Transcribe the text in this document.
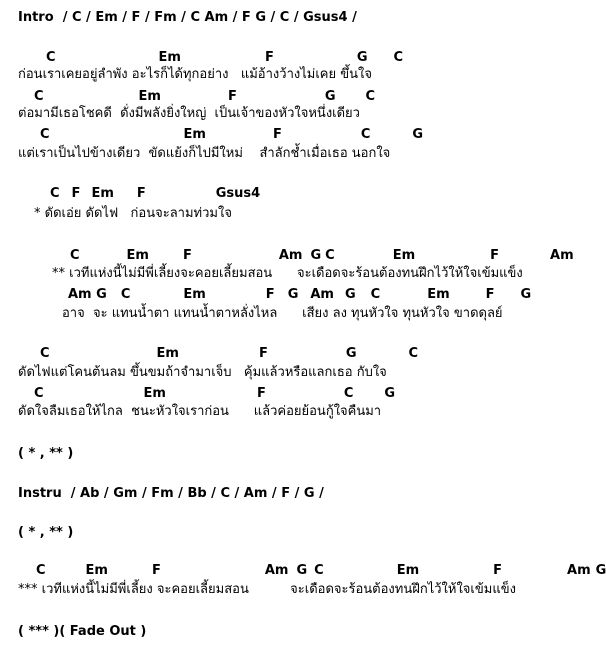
Intro  / C / Em / F / Fm / C Am / F G / C / Gsus4 /
C	Em	F	G C
ก่อนเราเคยอยู่ลำพัง อะไรก็ได้ทุกอย่าง   แม้อ้างว้างไม่เคย ขึ้นใจ
C	Em	F	G C
ต่อมามีเธอโชคดี  ดั่งมีพลังยิ่งใหญ่  เป็นเจ้าของหัวใจหนึ่งเดียว
C	Em	F	C	G
แต่เราเป็นไปข้างเดียว  ขัดแย้งก็ไปมีใหม่    สำลักช้ำเมื่อเธอ นอกใจ
C F Em F	Gsus4
* ดัดเอ่ย ดัดไฟ   ก่อนจะลามท่วมใจ
C	Em	F	Am G C	Em	F	Am
** เวทีแห่งนี้ไม่มีพี่เลี้ยงจะคอยเลี้ยมสอน      จะเดือดจะร้อนต้องทนฝึกไว้ให้ใจเข้มแข็ง
Am G C	Em	F G Am G C	Em	F G
อาจ  จะ แทนน้ำตา แทนน้ำตาหลั่งไหล      เสียง ลง ทุนหัวใจ ทุนหัวใจ ขาดดุลย์
C	Em	F	G	C
ดัดไฟแต่โคนต้นลม ขึ้นขมถ้าจำมาเจ็บ   คุ้มแล้วหรือแลกเธอ กับใจ
C	Em	F	C G
ดัดใจลืมเธอให้ไกล  ชนะหัวใจเราก่อน      แล้วค่อยย้อนกู้ใจคืนมา
( * , ** )
Instru  / Ab / Gm / Fm / Bb / C / Am / F / G /
( * , ** )
C	Em	F	Am G C	Em	F	Am G
*** เวทีแห่งนี้ไม่มีพี่เลี้ยง จะคอยเลี้ยมสอน          จะเดือดจะร้อนต้องทนฝึกไว้ให้ใจเข้มแข็ง
( *** )( Fade Out )
